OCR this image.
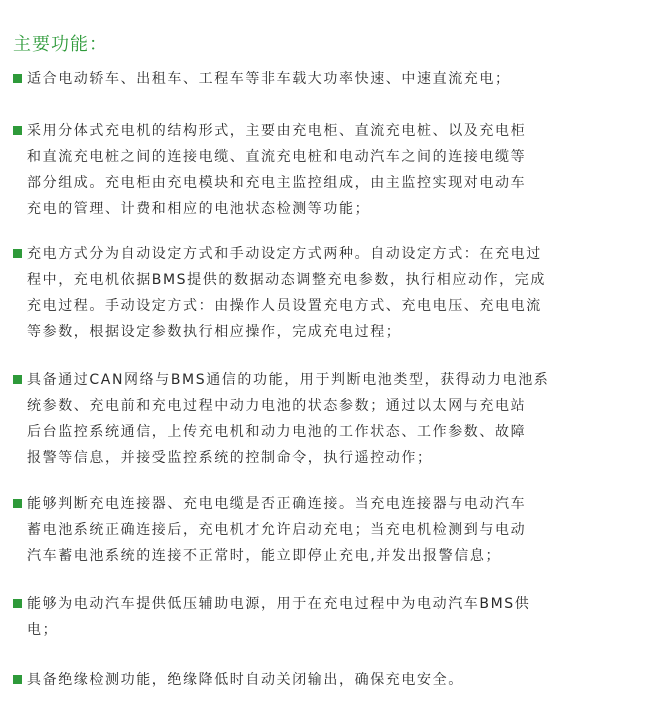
主要功能：
适合电动轿车、出租车、工程车等非车载大功率快速、中速直流充电；
采用分体式充电机的结构形式，主要由充电柜、直流充电桩、以及充电柜
和直流充电桩之间的连接电缆、直流充电桩和电动汽车之间的连接电缆等
部分组成。充电柜由充电模块和充电主监控组成，由主监控实现对电动车
充电的管理、计费和相应的电池状态检测等功能；
充电方式分为自动设定方式和手动设定方式两种。自动设定方式：在充电过
程中，充电机依据BMS提供的数据动态调整充电参数，执行相应动作，完成
充电过程。手动设定方式：由操作人员设置充电方式、充电电压、充电电流
等参数，根据设定参数执行相应操作，完成充电过程；
具备通过CAN网络与BMS通信的功能，用于判断电池类型，获得动力电池系
统参数、充电前和充电过程中动力电池的状态参数；通过以太网与充电站
后台监控系统通信，上传充电机和动力电池的工作状态、工作参数、故障
报警等信息，并接受监控系统的控制命令，执行遥控动作；
能够判断充电连接器、充电电缆是否正确连接。当充电连接器与电动汽车
蓄电池系统正确连接后，充电机才允许启动充电；当充电机检测到与电动
汽车蓄电池系统的连接不正常时，能立即停止充电,并发出报警信息；
能够为电动汽车提供低压辅助电源，用于在充电过程中为电动汽车BMS供
电；
具备绝缘检测功能，绝缘降低时自动关闭输出，确保充电安全。
